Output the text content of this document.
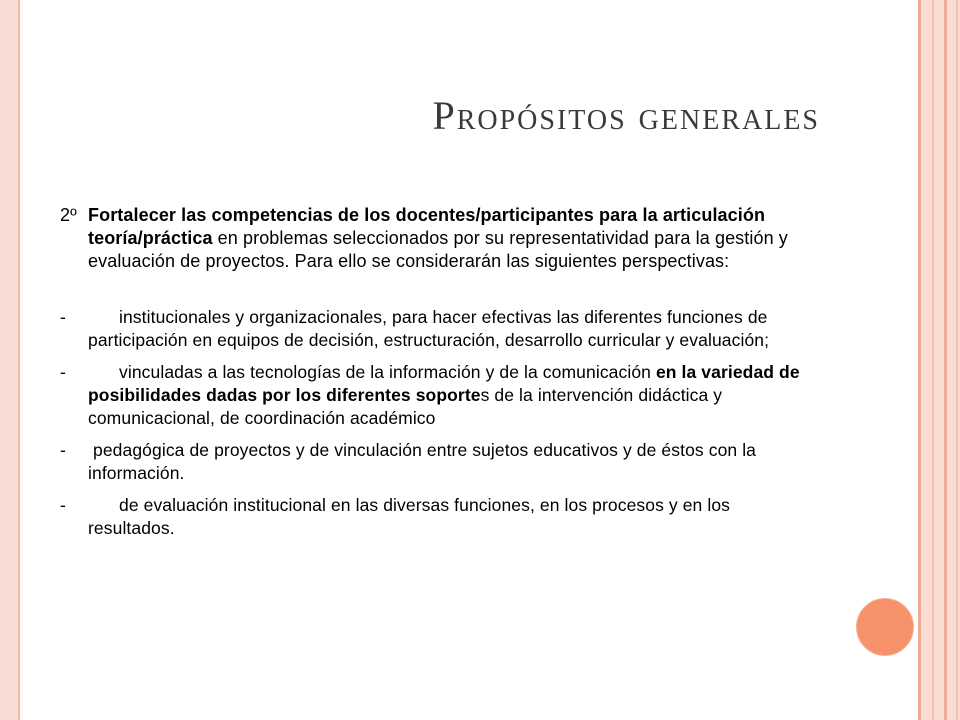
Propósitos generales

2º Fortalecer las competencias de los docentes/participantes para la articulación teoría/práctica en problemas seleccionados por su representatividad para la gestión y evaluación de proyectos. Para ello se considerarán las siguientes perspectivas:

-	institucionales y organizacionales, para hacer efectivas las diferentes funciones de participación en equipos de decisión, estructuración, desarrollo curricular y evaluación;

-	vinculadas a las tecnologías de la información y de la comunicación en la variedad de posibilidades dadas por los diferentes soportes de la intervención didáctica y comunicacional, de coordinación académico

- pedagógica de proyectos y de vinculación entre sujetos educativos y de éstos con la información.

-	de evaluación institucional en las diversas funciones, en los procesos y en los resultados.
